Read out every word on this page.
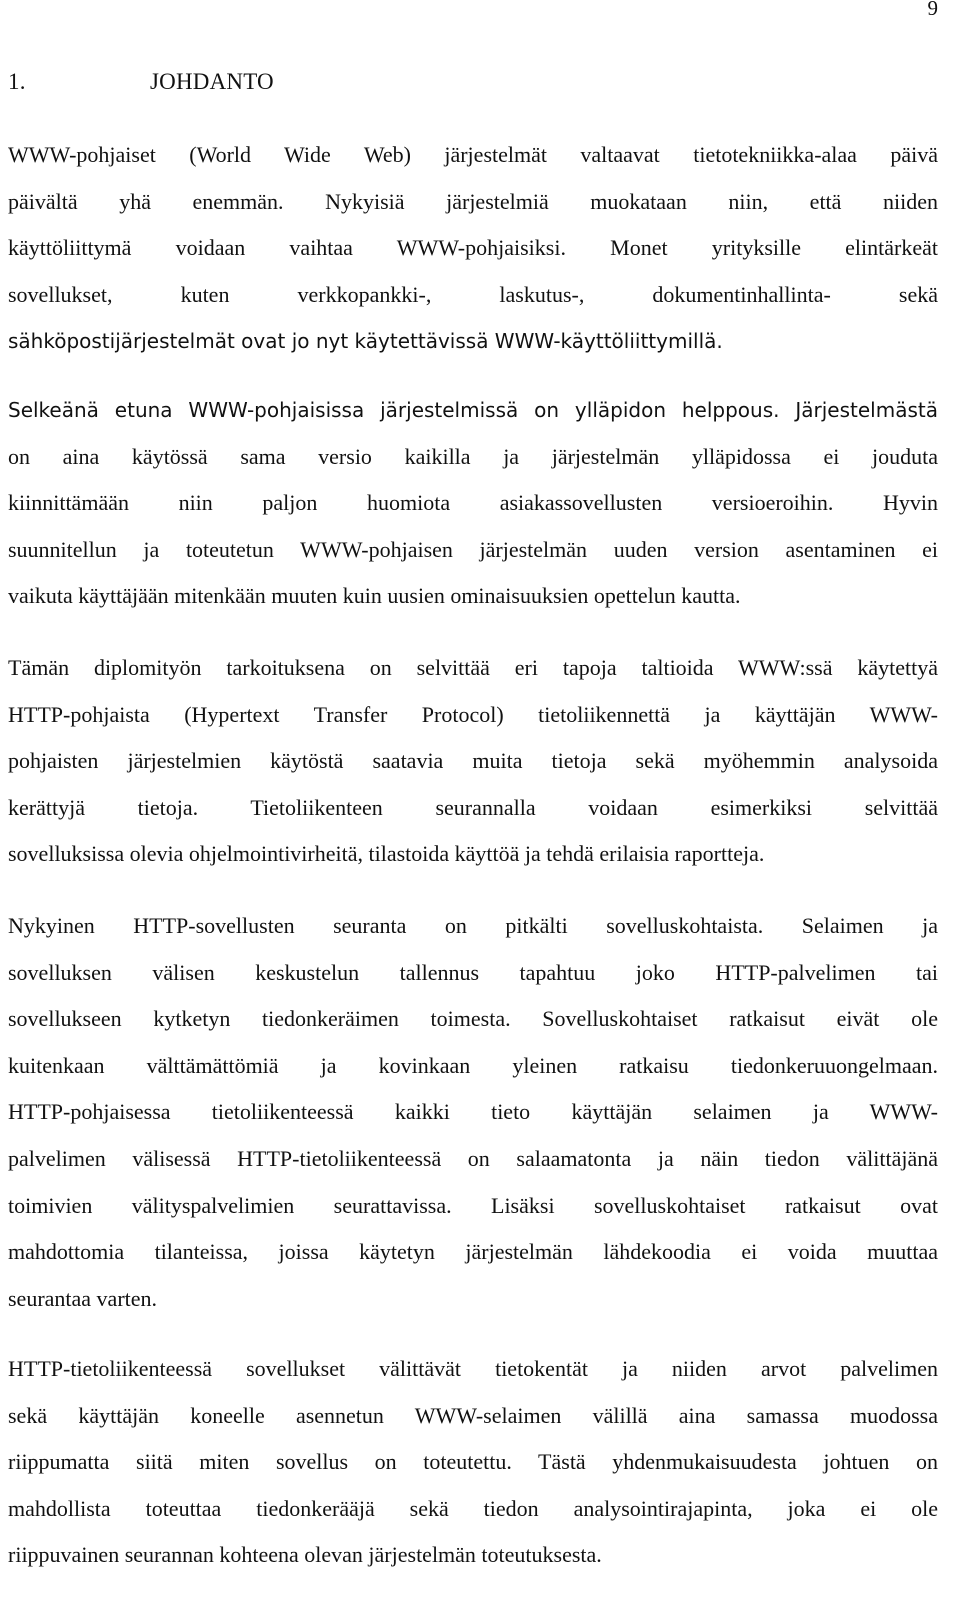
9
1.	JOHDANTO
WWW-pohjaiset (World Wide Web) järjestelmät valtaavat tietotekniikka-alaa päivä
päivältä yhä enemmän. Nykyisiä järjestelmiä muokataan niin, että niiden
käyttöliittymä voidaan vaihtaa WWW-pohjaisiksi. Monet yrityksille elintärkeät
sovellukset, kuten verkkopankki-, laskutus-, dokumentinhallinta- sekä
sähköpostijärjestelmät ovat jo nyt käytettävissä WWW-käyttöliittymillä.
Selkeänä etuna WWW-pohjaisissa järjestelmissä on ylläpidon helppous. Järjestelmästä
on aina käytössä sama versio kaikilla ja järjestelmän ylläpidossa ei jouduta
kiinnittämään niin paljon huomiota asiakassovellusten versioeroihin. Hyvin
suunnitellun ja toteutetun WWW-pohjaisen järjestelmän uuden version asentaminen ei
vaikuta käyttäjään mitenkään muuten kuin uusien ominaisuuksien opettelun kautta.
Tämän diplomityön tarkoituksena on selvittää eri tapoja taltioida WWW:ssä käytettyä
HTTP-pohjaista (Hypertext Transfer Protocol) tietoliikennettä ja käyttäjän WWW-
pohjaisten järjestelmien käytöstä saatavia muita tietoja sekä myöhemmin analysoida
kerättyjä tietoja. Tietoliikenteen seurannalla voidaan esimerkiksi selvittää
sovelluksissa olevia ohjelmointivirheitä, tilastoida käyttöä ja tehdä erilaisia raportteja.
Nykyinen HTTP-sovellusten seuranta on pitkälti sovelluskohtaista. Selaimen ja
sovelluksen välisen keskustelun tallennus tapahtuu joko HTTP-palvelimen tai
sovellukseen kytketyn tiedonkeräimen toimesta. Sovelluskohtaiset ratkaisut eivät ole
kuitenkaan välttämättömiä ja kovinkaan yleinen ratkaisu tiedonkeruuongelmaan.
HTTP-pohjaisessa tietoliikenteessä kaikki tieto käyttäjän selaimen ja WWW-
palvelimen välisessä HTTP-tietoliikenteessä on salaamatonta ja näin tiedon välittäjänä
toimivien välityspalvelimien seurattavissa. Lisäksi sovelluskohtaiset ratkaisut ovat
mahdottomia tilanteissa, joissa käytetyn järjestelmän lähdekoodia ei voida muuttaa
seurantaa varten.
HTTP-tietoliikenteessä sovellukset välittävät tietokentät ja niiden arvot palvelimen
sekä käyttäjän koneelle asennetun WWW-selaimen välillä aina samassa muodossa
riippumatta siitä miten sovellus on toteutettu. Tästä yhdenmukaisuudesta johtuen on
mahdollista toteuttaa tiedonkerääjä sekä tiedon analysointirajapinta, joka ei ole
riippuvainen seurannan kohteena olevan järjestelmän toteutuksesta.
